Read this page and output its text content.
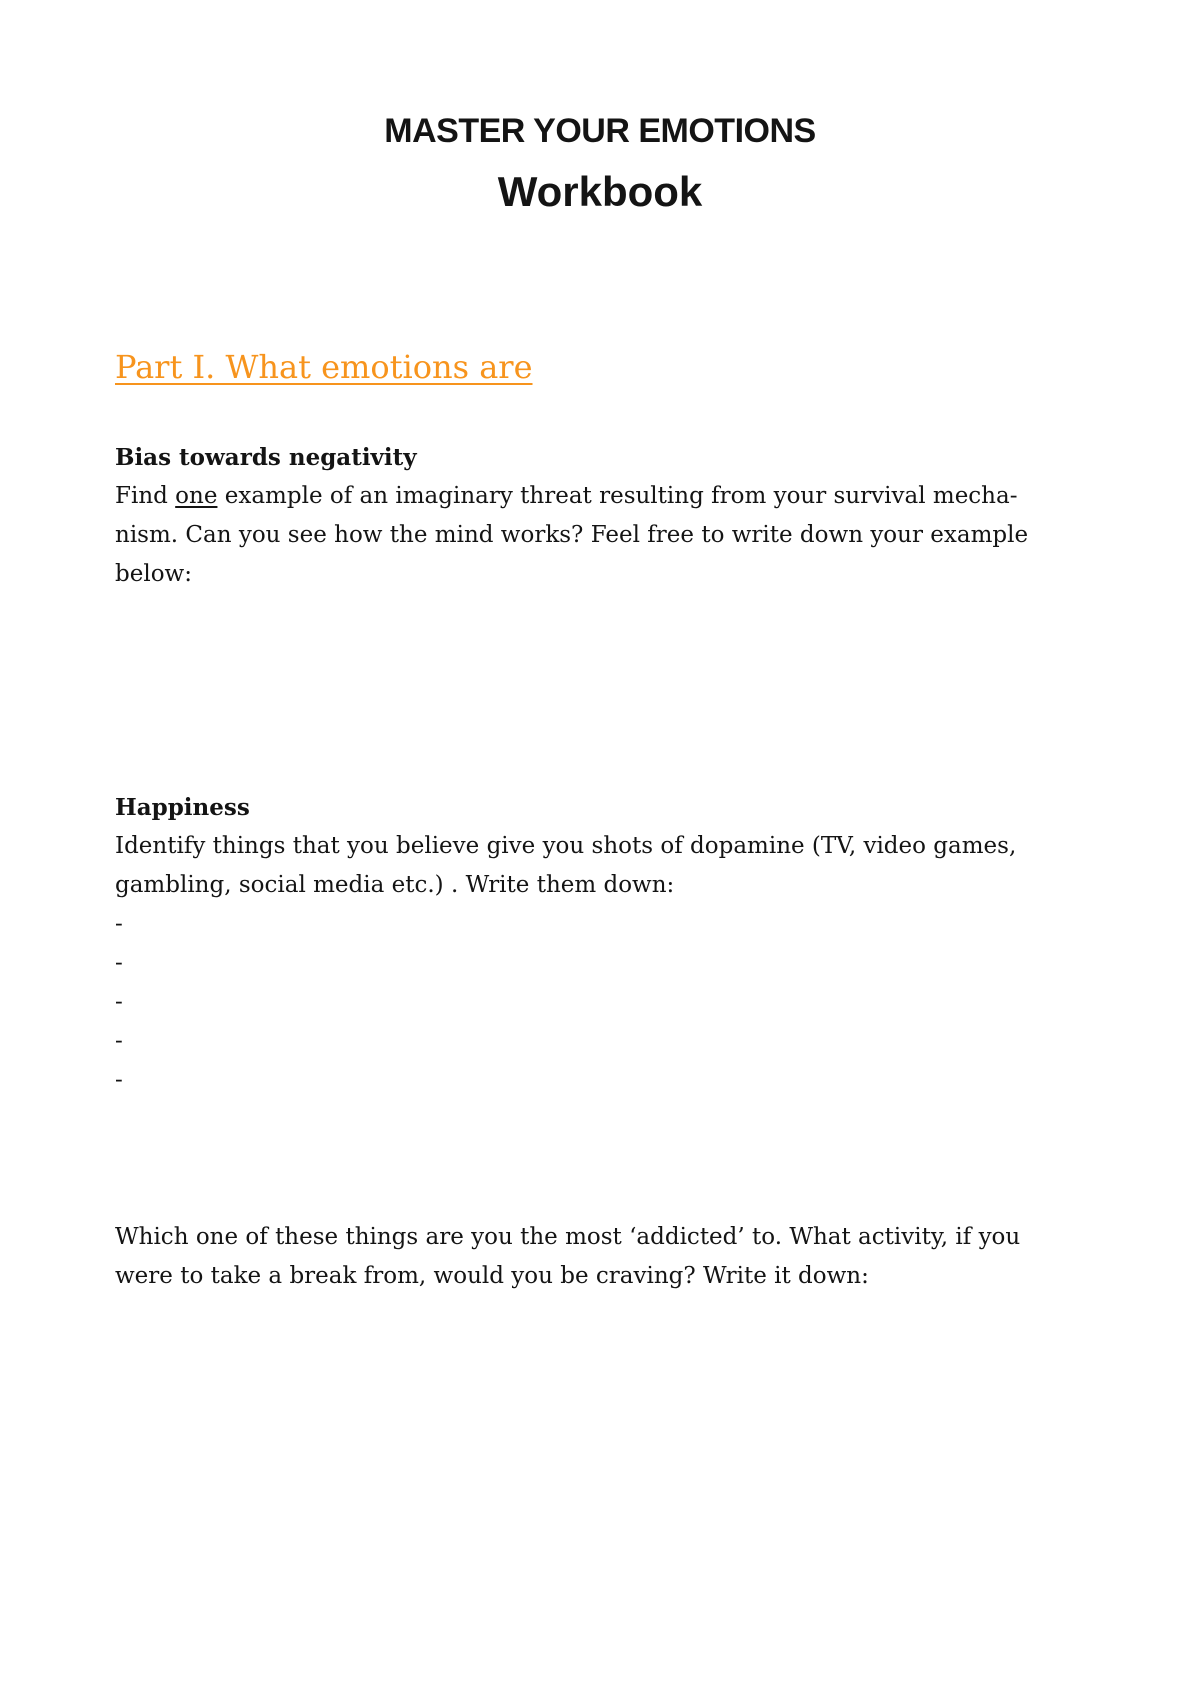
MASTER YOUR EMOTIONS
Workbook
Part I. What emotions are
Bias towards negativity

Find one example of an imaginary threat resulting from your survival mecha-
nism. Can you see how the mind works? Feel free to write down your example
below:

Happiness

Identify things that you believe give you shots of dopamine (TV, video games,
gambling, social media etc.) . Write them down:

-
-
-
-
-

Which one of these things are you the most ‘addicted’ to. What activity, if you
were to take a break from, would you be craving? Write it down:
